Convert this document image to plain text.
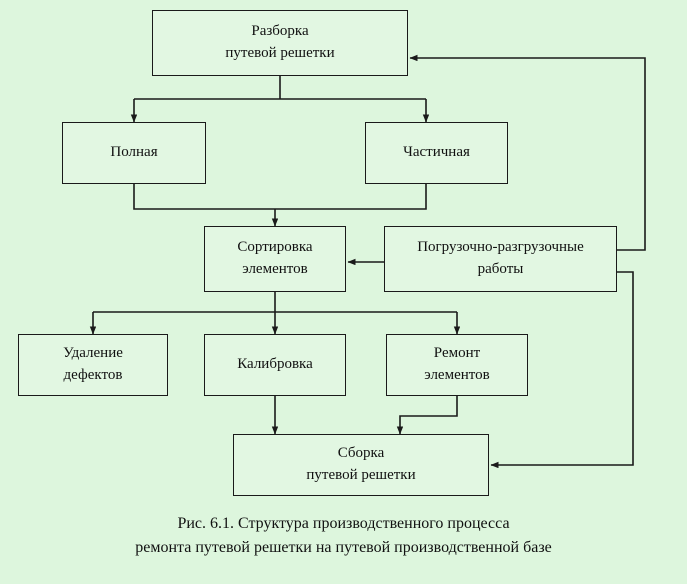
Разборка
путевой решетки
Полная	Частичная
Сортировка
элементов
Погрузочно-разгрузочные
работы
Удаление
дефектов
Калибровка
Ремонт
элементов
Сборка
путевой решетки
Рис. 6.1. Структура производственного процесса
ремонта путевой решетки на путевой производственной базе
